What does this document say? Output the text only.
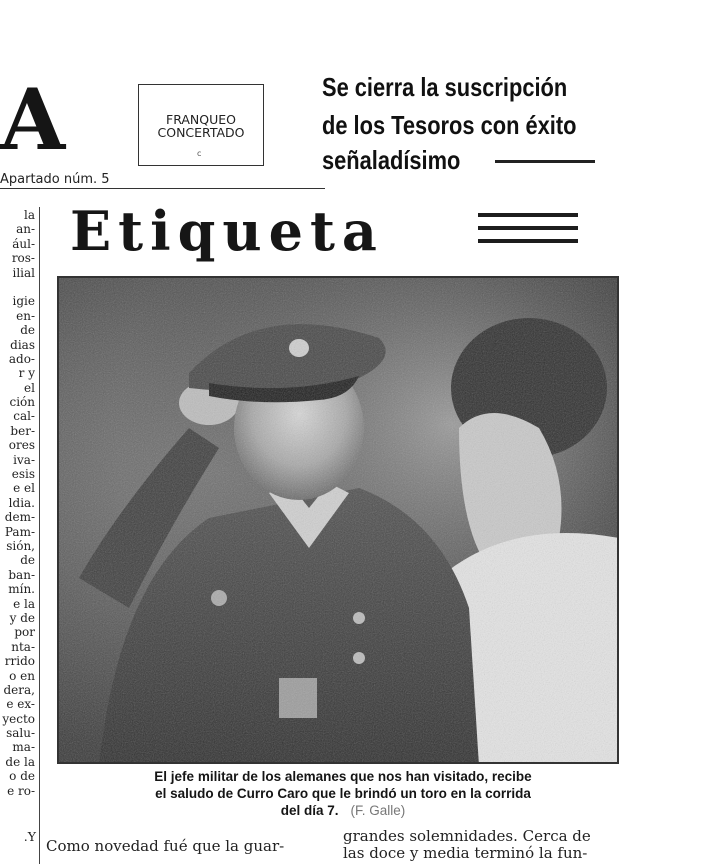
A	FRANQUEO
CONCERTADO
c
Apartado núm. 5
Se cierra la suscripción
de los Tesoros con éxito
señaladísimo
la
an-
ául-
ros-
ilial
igie
en-
de
dias
ado-
r y
el
ción
cal-
ber-
ores
iva-
esis
e el
ldia.
dem-
Pam-
sión,
de
ban-
mín.
e la
y de
por
nta-
rrido
o en
dera,
e ex-
yecto
salu-
ma-
de la
o de
e ro-
Etiqueta
El jefe militar de los alemanes que nos han visitado, recibe
el saludo de Curro Caro que le brindó un toro en la corrida
del día 7. (F. Galle)
.Y
Como novedad fué que la guar-
grandes solemnidades. Cerca de
las doce y media terminó la fun-
